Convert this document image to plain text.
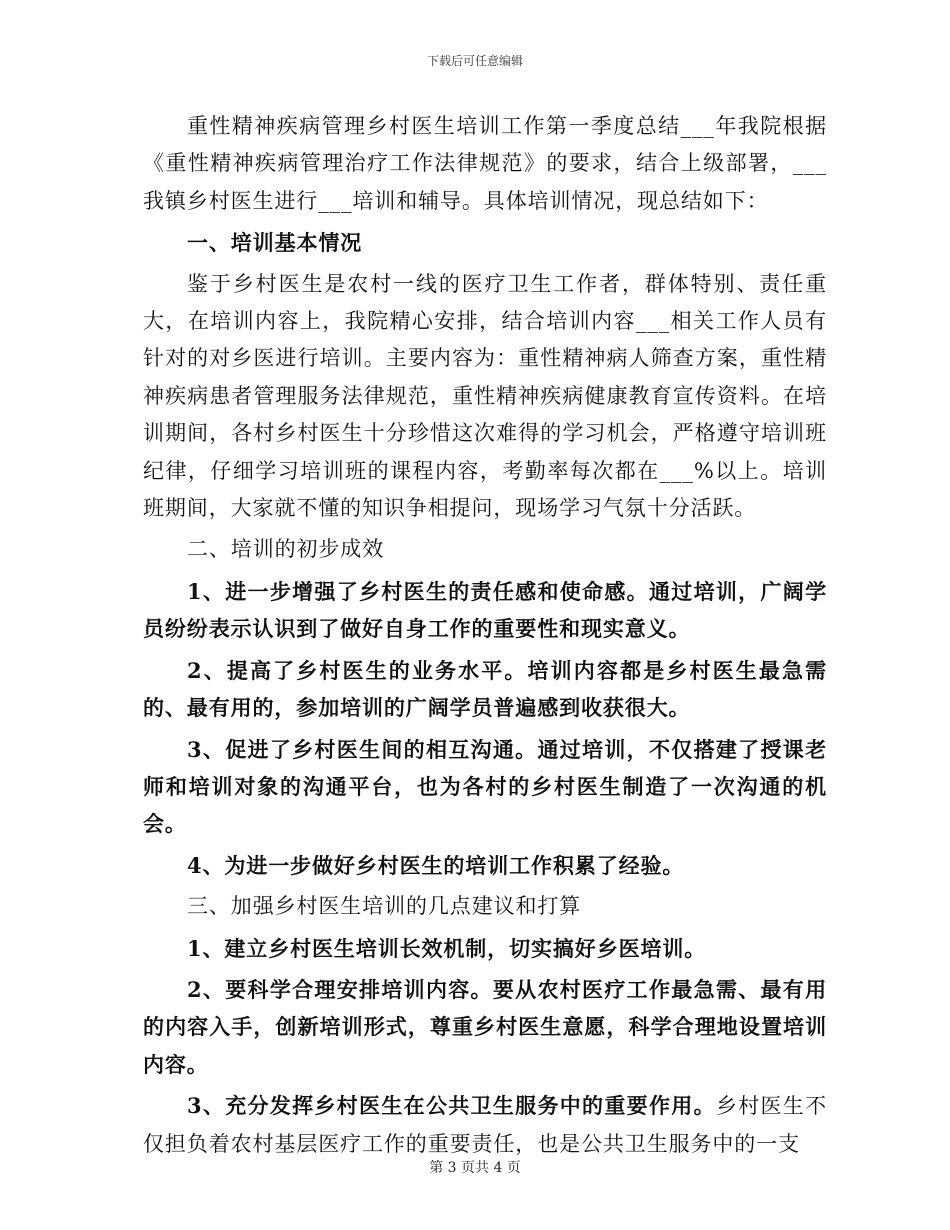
下载后可任意编辑

重性精神疾病管理乡村医生培训工作第一季度总结___年我院根据《重性精神疾病管理治疗工作法律规范》的要求，结合上级部署，___我镇乡村医生进行___培训和辅导。具体培训情况，现总结如下：

一、培训基本情况

鉴于乡村医生是农村一线的医疗卫生工作者，群体特别、责任重大，在培训内容上，我院精心安排，结合培训内容___相关工作人员有针对的对乡医进行培训。主要内容为：重性精神病人筛查方案，重性精神疾病患者管理服务法律规范，重性精神疾病健康教育宣传资料。在培训期间，各村乡村医生十分珍惜这次难得的学习机会，严格遵守培训班纪律，仔细学习培训班的课程内容，考勤率每次都在___%以上。培训班期间，大家就不懂的知识争相提问，现场学习气氛十分活跃。

二、培训的初步成效

1、进一步增强了乡村医生的责任感和使命感。通过培训，广阔学员纷纷表示认识到了做好自身工作的重要性和现实意义。

2、提高了乡村医生的业务水平。培训内容都是乡村医生最急需的、最有用的，参加培训的广阔学员普遍感到收获很大。

3、促进了乡村医生间的相互沟通。通过培训，不仅搭建了授课老师和培训对象的沟通平台，也为各村的乡村医生制造了一次沟通的机会。

4、为进一步做好乡村医生的培训工作积累了经验。

三、加强乡村医生培训的几点建议和打算

1、建立乡村医生培训长效机制，切实搞好乡医培训。

2、要科学合理安排培训内容。要从农村医疗工作最急需、最有用的内容入手，创新培训形式，尊重乡村医生意愿，科学合理地设置培训内容。

3、充分发挥乡村医生在公共卫生服务中的重要作用。乡村医生不仅担负着农村基层医疗工作的重要责任，也是公共卫生服务中的一支

第 3 页共 4 页
